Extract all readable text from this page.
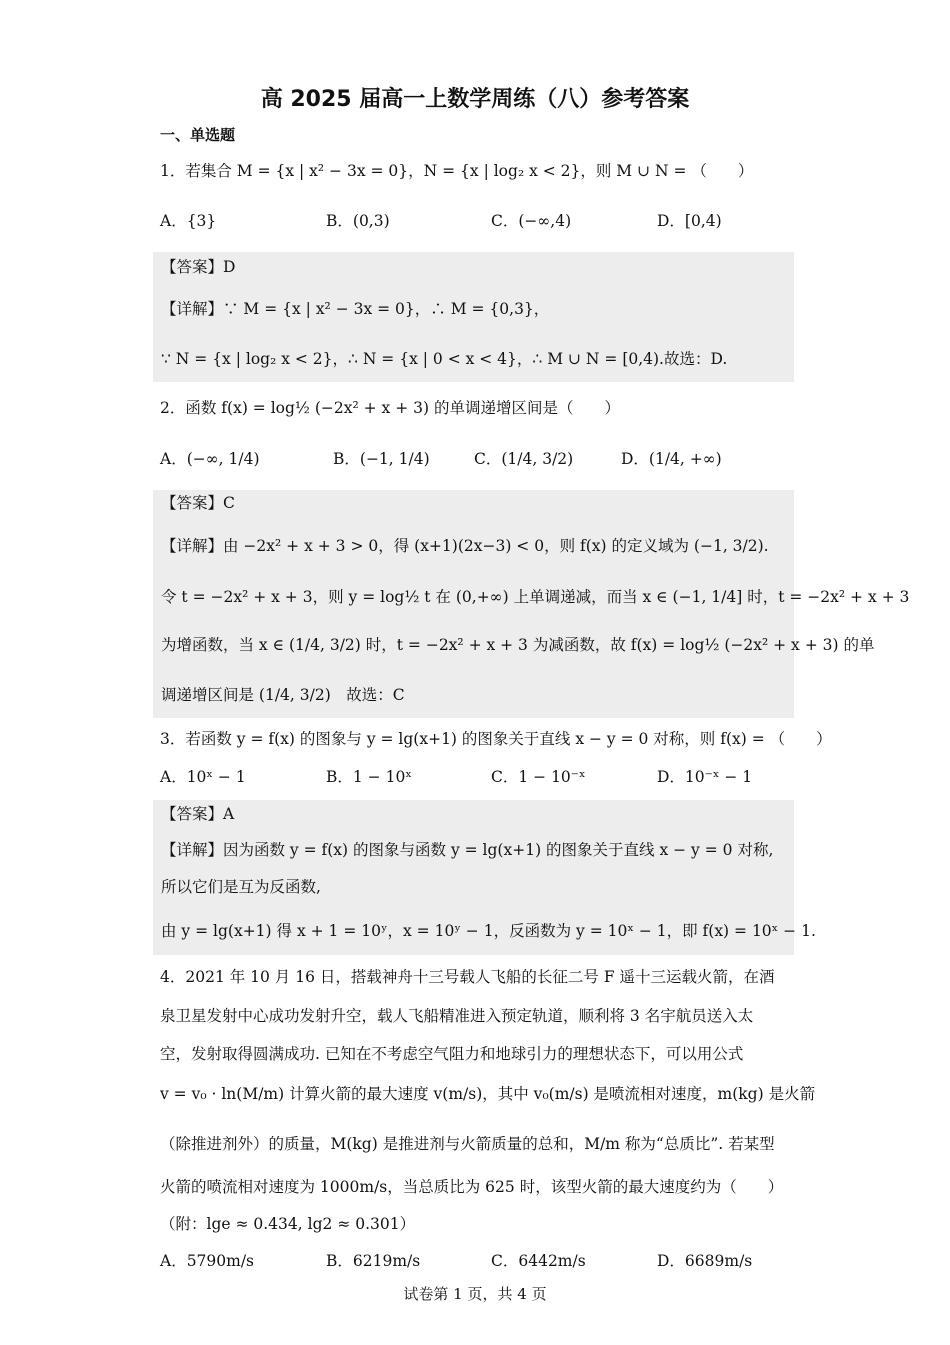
高 2025 届高一上数学周练（八）参考答案
一、单选题
1．若集合 M = {x | x² − 3x = 0}，N = {x | log₂ x < 2}，则 M ∪ N = （　　）
A．{3}	B．(0,3)	C．(−∞,4)	D．[0,4)
【答案】D
【详解】∵ M = {x | x² − 3x = 0}，∴ M = {0,3}，
∵ N = {x | log₂ x < 2}，∴ N = {x | 0 < x < 4}，∴ M ∪ N = [0,4).故选：D.
2．函数 f(x) = log½ (−2x² + x + 3) 的单调递增区间是（　　）
A．(−∞, 1/4)	B．(−1, 1/4)	C．(1/4, 3/2)	D．(1/4, +∞)
【答案】C
【详解】由 −2x² + x + 3 > 0，得 (x+1)(2x−3) < 0，则 f(x) 的定义域为 (−1, 3/2).
令 t = −2x² + x + 3，则 y = log½ t 在 (0,+∞) 上单调递减，而当 x ∈ (−1, 1/4] 时，t = −2x² + x + 3
为增函数，当 x ∈ (1/4, 3/2) 时，t = −2x² + x + 3 为减函数，故 f(x) = log½ (−2x² + x + 3) 的单
调递增区间是 (1/4, 3/2)　故选：C
3．若函数 y = f(x) 的图象与 y = lg(x+1) 的图象关于直线 x − y = 0 对称，则 f(x) = （　　）
A．10ˣ − 1	B．1 − 10ˣ	C．1 − 10⁻ˣ	D．10⁻ˣ − 1
【答案】A
【详解】因为函数 y = f(x) 的图象与函数 y = lg(x+1) 的图象关于直线 x − y = 0 对称,
所以它们是互为反函数,
由 y = lg(x+1) 得 x + 1 = 10ʸ，x = 10ʸ − 1，反函数为 y = 10ˣ − 1，即 f(x) = 10ˣ − 1.
4．2021 年 10 月 16 日，搭载神舟十三号载人飞船的长征二号 F 遥十三运载火箭，在酒
泉卫星发射中心成功发射升空，载人飞船精准进入预定轨道，顺利将 3 名宇航员送入太
空，发射取得圆满成功. 已知在不考虑空气阻力和地球引力的理想状态下，可以用公式
v = v₀ · ln(M/m) 计算火箭的最大速度 v(m/s)，其中 v₀(m/s) 是喷流相对速度，m(kg) 是火箭
（除推进剂外）的质量，M(kg) 是推进剂与火箭质量的总和，M/m 称为“总质比”. 若某型
火箭的喷流相对速度为 1000m/s，当总质比为 625 时，该型火箭的最大速度约为（　　）
（附：lge ≈ 0.434, lg2 ≈ 0.301）
A．5790m/s	B．6219m/s	C．6442m/s	D．6689m/s
试卷第 1 页，共 4 页
